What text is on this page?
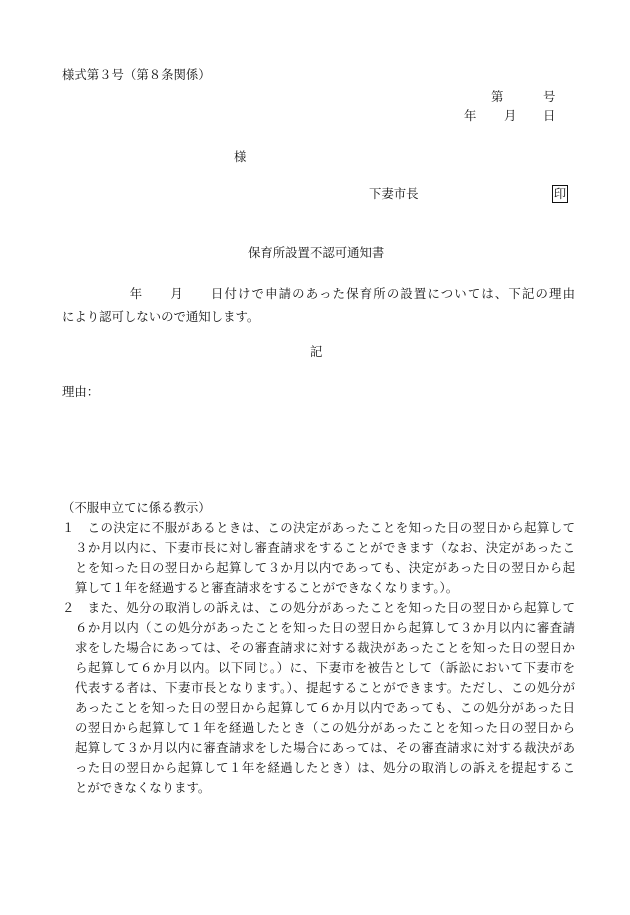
様式第３号（第８条関係）
第	号
年 月 日
様
下妻市長	印
保育所設置不認可通知書
　　　　　年　　月　　日付けで申請のあった保育所の設置については、下記の理由
により認可しないので通知します。
記
理由：
（不服申立てに係る教示）
１　この決定に不服があるときは、この決定があったことを知った日の翌日から起算して
３か月以内に、下妻市長に対し審査請求をすることができます（なお、決定があったこ
とを知った日の翌日から起算して３か月以内であっても、決定があった日の翌日から起
算して１年を経過すると審査請求をすることができなくなります。）。
２　また、処分の取消しの訴えは、この処分があったことを知った日の翌日から起算して
６か月以内（この処分があったことを知った日の翌日から起算して３か月以内に審査請
求をした場合にあっては、その審査請求に対する裁決があったことを知った日の翌日か
ら起算して６か月以内。以下同じ。）に、下妻市を被告として（訴訟において下妻市を
代表する者は、下妻市長となります。）、提起することができます。ただし、この処分が
あったことを知った日の翌日から起算して６か月以内であっても、この処分があった日
の翌日から起算して１年を経過したとき（この処分があったことを知った日の翌日から
起算して３か月以内に審査請求をした場合にあっては、その審査請求に対する裁決があ
った日の翌日から起算して１年を経過したとき）は、処分の取消しの訴えを提起するこ
とができなくなります。
